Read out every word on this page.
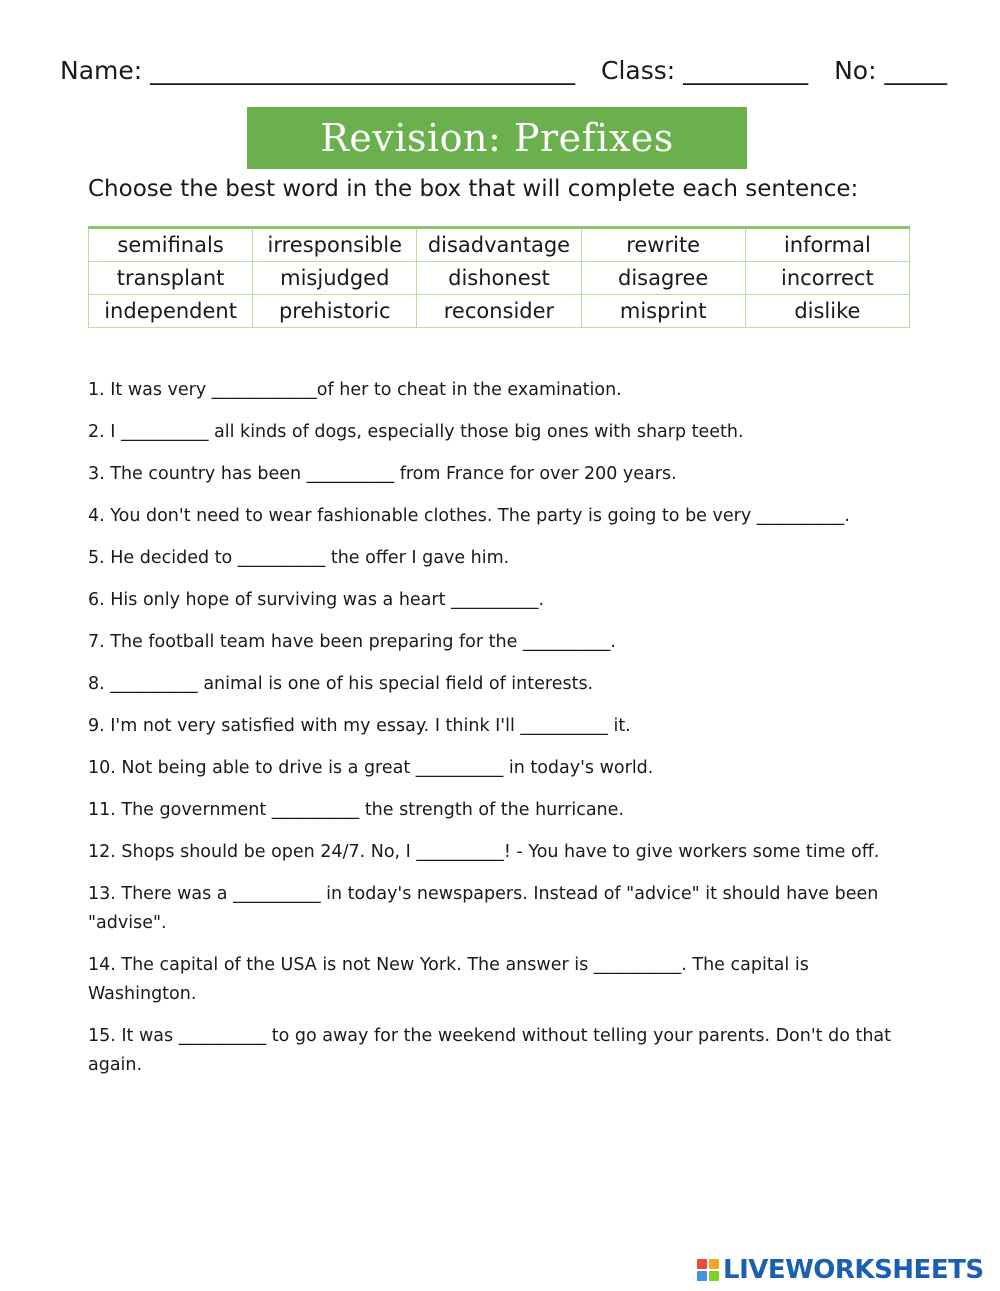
Name: __________________________________ Class: __________ No: _____
Revision: Prefixes
Choose the best word in the box that will complete each sentence:
semifinals	irresponsible	disadvantage	rewrite	informal
transplant	misjudged	dishonest	disagree	incorrect
independent	prehistoric	reconsider	misprint	dislike

1. It was very ____________of her to cheat in the examination.

2. I __________ all kinds of dogs, especially those big ones with sharp teeth.

3. The country has been __________ from France for over 200 years.

4. You don't need to wear fashionable clothes. The party is going to be very __________.

5. He decided to __________ the offer I gave him.

6. His only hope of surviving was a heart __________.

7. The football team have been preparing for the __________.

8. __________ animal is one of his special field of interests.

9. I'm not very satisfied with my essay. I think I'll __________ it.

10. Not being able to drive is a great __________ in today's world.

11. The government __________ the strength of the hurricane.

12. Shops should be open 24/7. No, I __________! - You have to give workers some time off.

13. There was a __________ in today's newspapers. Instead of "advice" it should have been "advise".

14. The capital of the USA is not New York. The answer is __________. The capital is Washington.

15. It was __________ to go away for the weekend without telling your parents. Don't do that again.

LIVEWORKSHEETS
